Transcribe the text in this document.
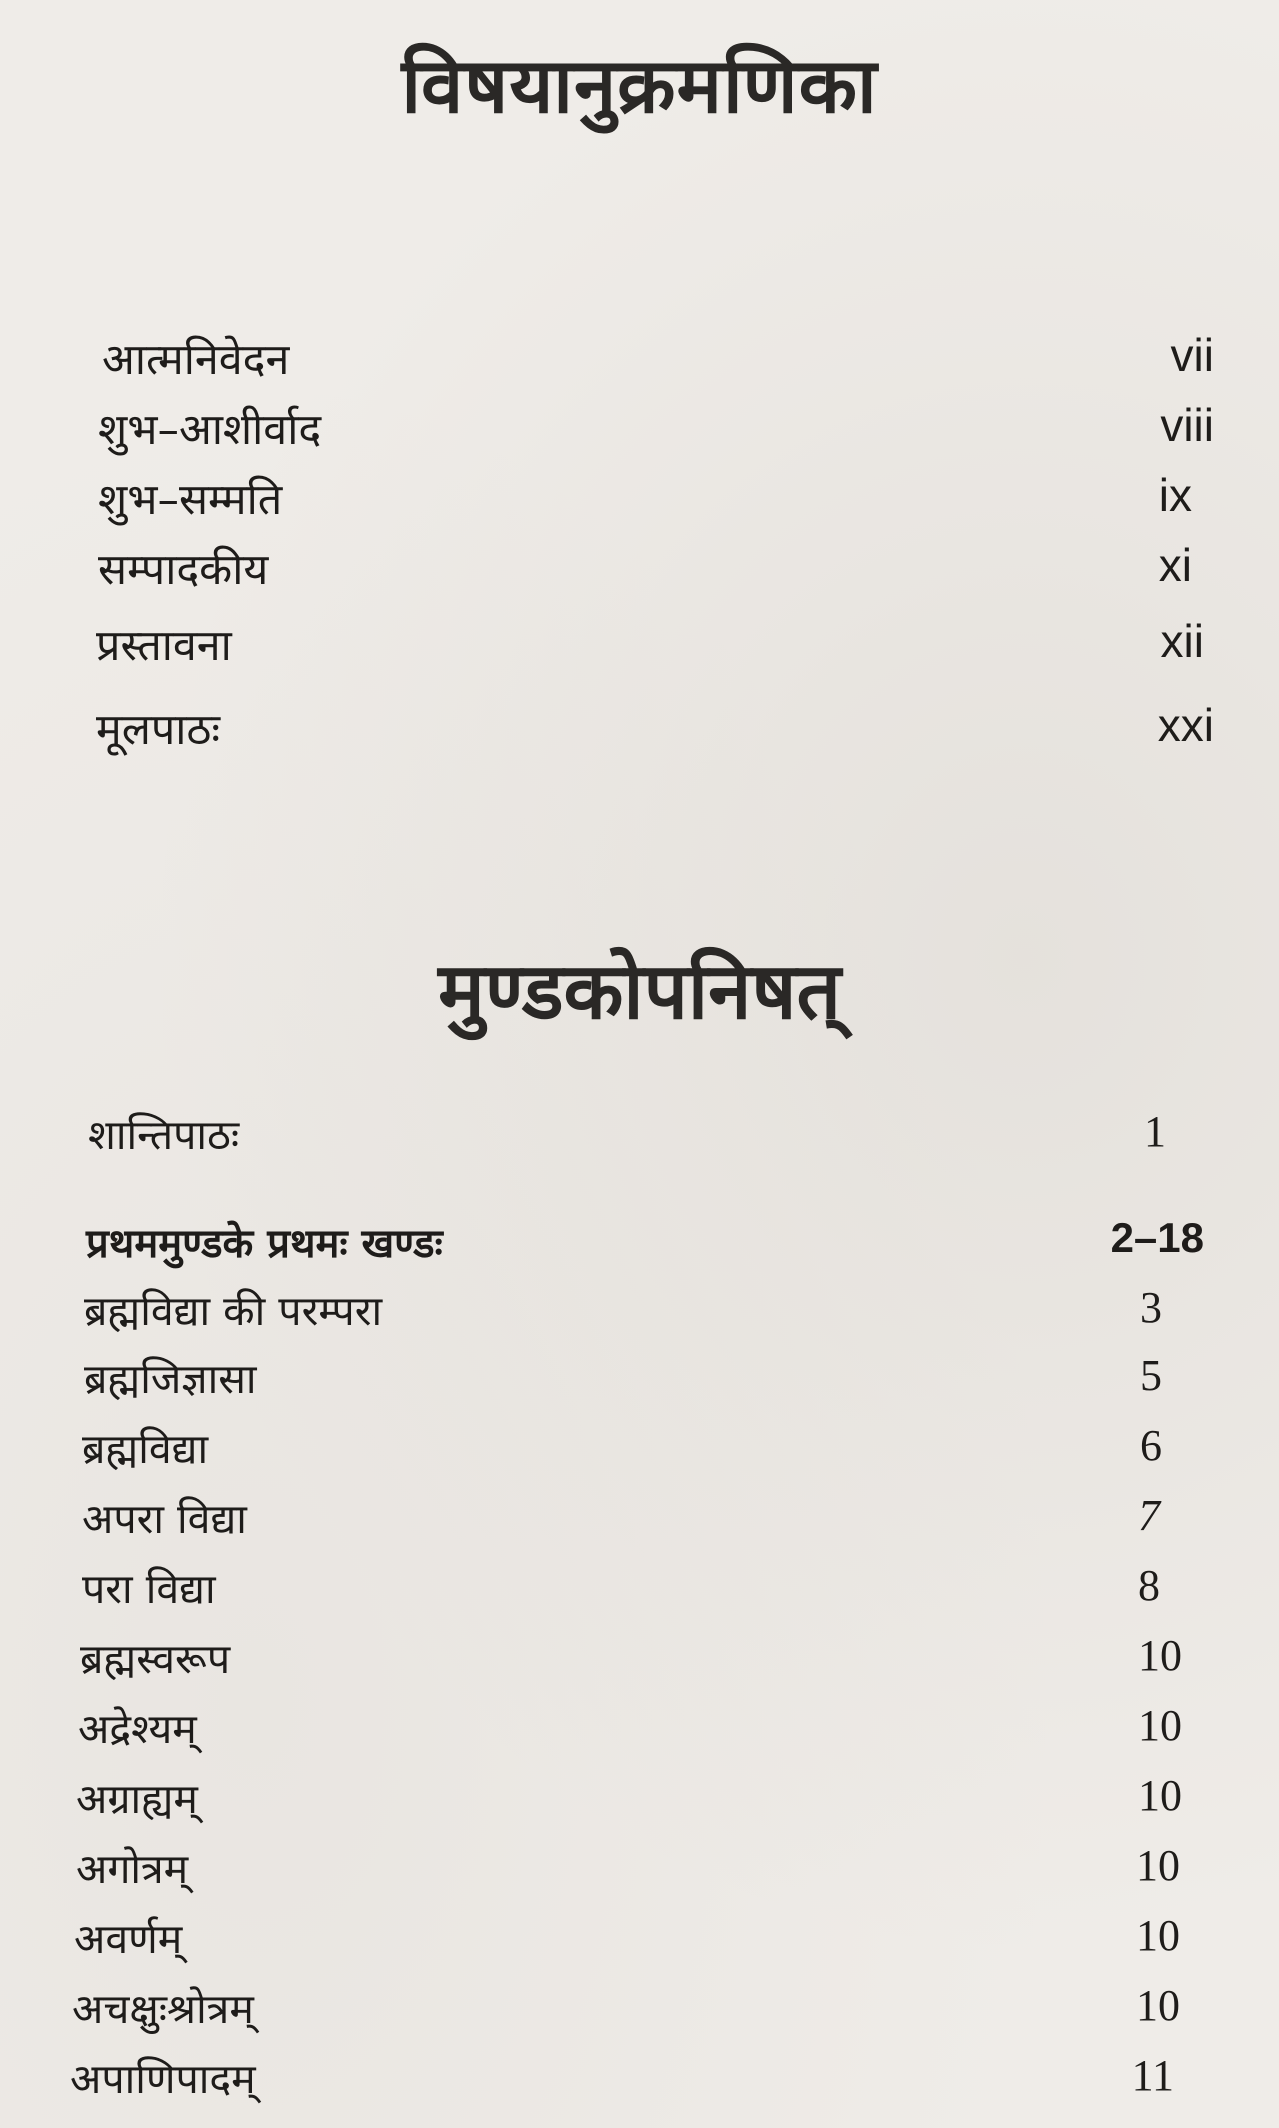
विषयानुक्रमणिका
आत्मनिवेदन	vii
शुभ–आशीर्वाद	viii
शुभ–सम्मति	ix
सम्पादकीय	xi
प्रस्तावना	xii
मूलपाठः	xxi
मुण्डकोपनिषत्
शान्तिपाठः	1
प्रथममुण्डके प्रथमः खण्डः	2–18
ब्रह्मविद्या की परम्परा	3
ब्रह्मजिज्ञासा	5
ब्रह्मविद्या	6
अपरा विद्या	7
परा विद्या	8
ब्रह्मस्वरूप	10
अद्रेश्यम्	10
अग्राह्यम्	10
अगोत्रम्	10
अवर्णम्	10
अचक्षुःश्रोत्रम्	10
अपाणिपादम्	11
